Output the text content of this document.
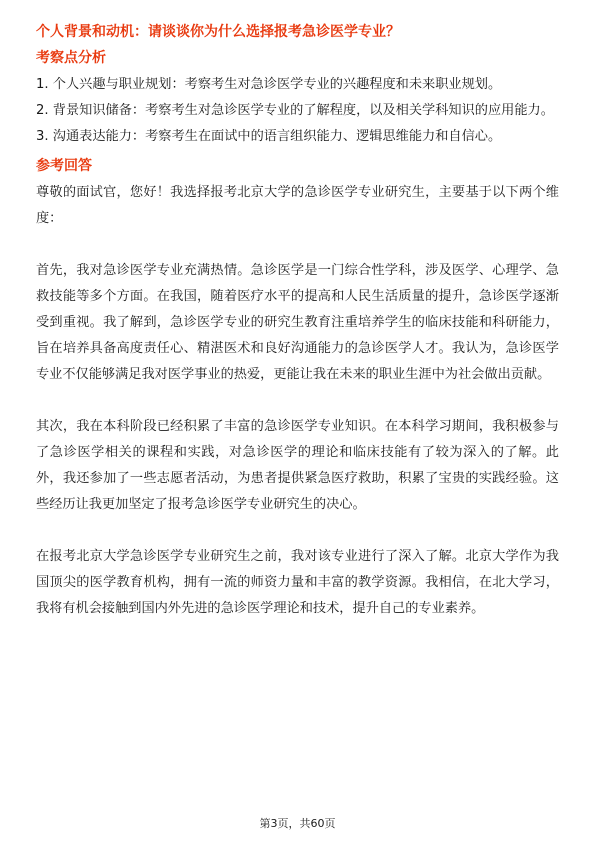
个人背景和动机：请谈谈你为什么选择报考急诊医学专业？
考察点分析
1. 个人兴趣与职业规划：考察考生对急诊医学专业的兴趣程度和未来职业规划。
2. 背景知识储备：考察考生对急诊医学专业的了解程度，以及相关学科知识的应用能力。
3. 沟通表达能力：考察考生在面试中的语言组织能力、逻辑思维能力和自信心。
参考回答

尊敬的面试官，您好！我选择报考北京大学的急诊医学专业研究生，主要基于以下两个维度：

首先，我对急诊医学专业充满热情。急诊医学是一门综合性学科，涉及医学、心理学、急救技能等多个方面。在我国，随着医疗水平的提高和人民生活质量的提升，急诊医学逐渐受到重视。我了解到，急诊医学专业的研究生教育注重培养学生的临床技能和科研能力，旨在培养具备高度责任心、精湛医术和良好沟通能力的急诊医学人才。我认为，急诊医学专业不仅能够满足我对医学事业的热爱，更能让我在未来的职业生涯中为社会做出贡献。

其次，我在本科阶段已经积累了丰富的急诊医学专业知识。在本科学习期间，我积极参与了急诊医学相关的课程和实践，对急诊医学的理论和临床技能有了较为深入的了解。此外，我还参加了一些志愿者活动，为患者提供紧急医疗救助，积累了宝贵的实践经验。这些经历让我更加坚定了报考急诊医学专业研究生的决心。

在报考北京大学急诊医学专业研究生之前，我对该专业进行了深入了解。北京大学作为我国顶尖的医学教育机构，拥有一流的师资力量和丰富的教学资源。我相信，在北大学习，我将有机会接触到国内外先进的急诊医学理论和技术，提升自己的专业素养。

第3页，共60页
